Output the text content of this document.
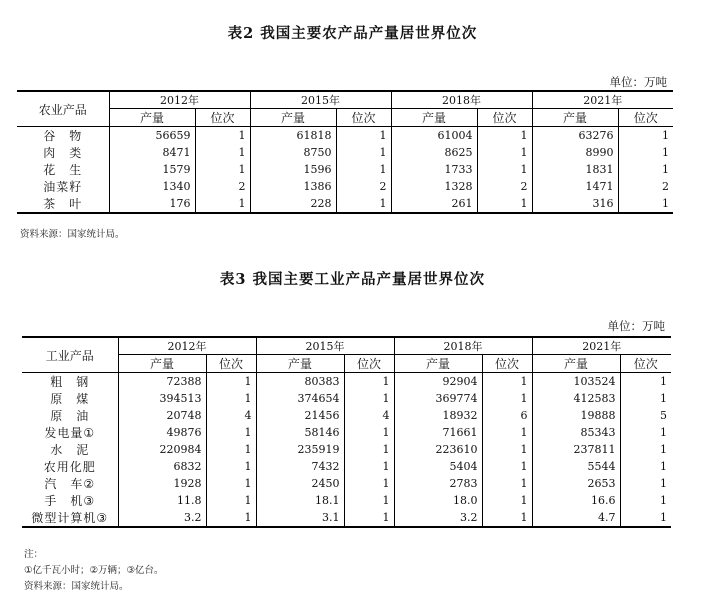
表2 我国主要农产品产量居世界位次
单位：万吨
农业产品	2012年		2015年		2018年		2021年	
	产量	位次	产量	位次	产量	位次	产量	位次
谷　物	56659	1	61818	1	61004	1	63276	1
肉　类	8471	1	8750	1	8625	1	8990	1
花　生	1579	1	1596	1	1733	1	1831	1
油菜籽	1340	2	1386	2	1328	2	1471	2
茶　叶	176	1	228	1	261	1	316	1
资料来源：国家统计局。
表3 我国主要工业产品产量居世界位次
单位：万吨
工业产品	2012年		2015年		2018年		2021年	
	产量	位次	产量	位次	产量	位次	产量	位次
粗　钢	72388	1	80383	1	92904	1	103524	1
原　煤	394513	1	374654	1	369774	1	412583	1
原　油	20748	4	21456	4	18932	6	19888	5
发电量①	49876	1	58146	1	71661	1	85343	1
水　泥	220984	1	235919	1	223610	1	237811	1
农用化肥	6832	1	7432	1	5404	1	5544	1
汽　车②	1928	1	2450	1	2783	1	2653	1
手　机③	11.8	1	18.1	1	18.0	1	16.6	1
微型计算机③	3.2	1	3.1	1	3.2	1	4.7	1
注：
①亿千瓦小时；②万辆；③亿台。
资料来源：国家统计局。
